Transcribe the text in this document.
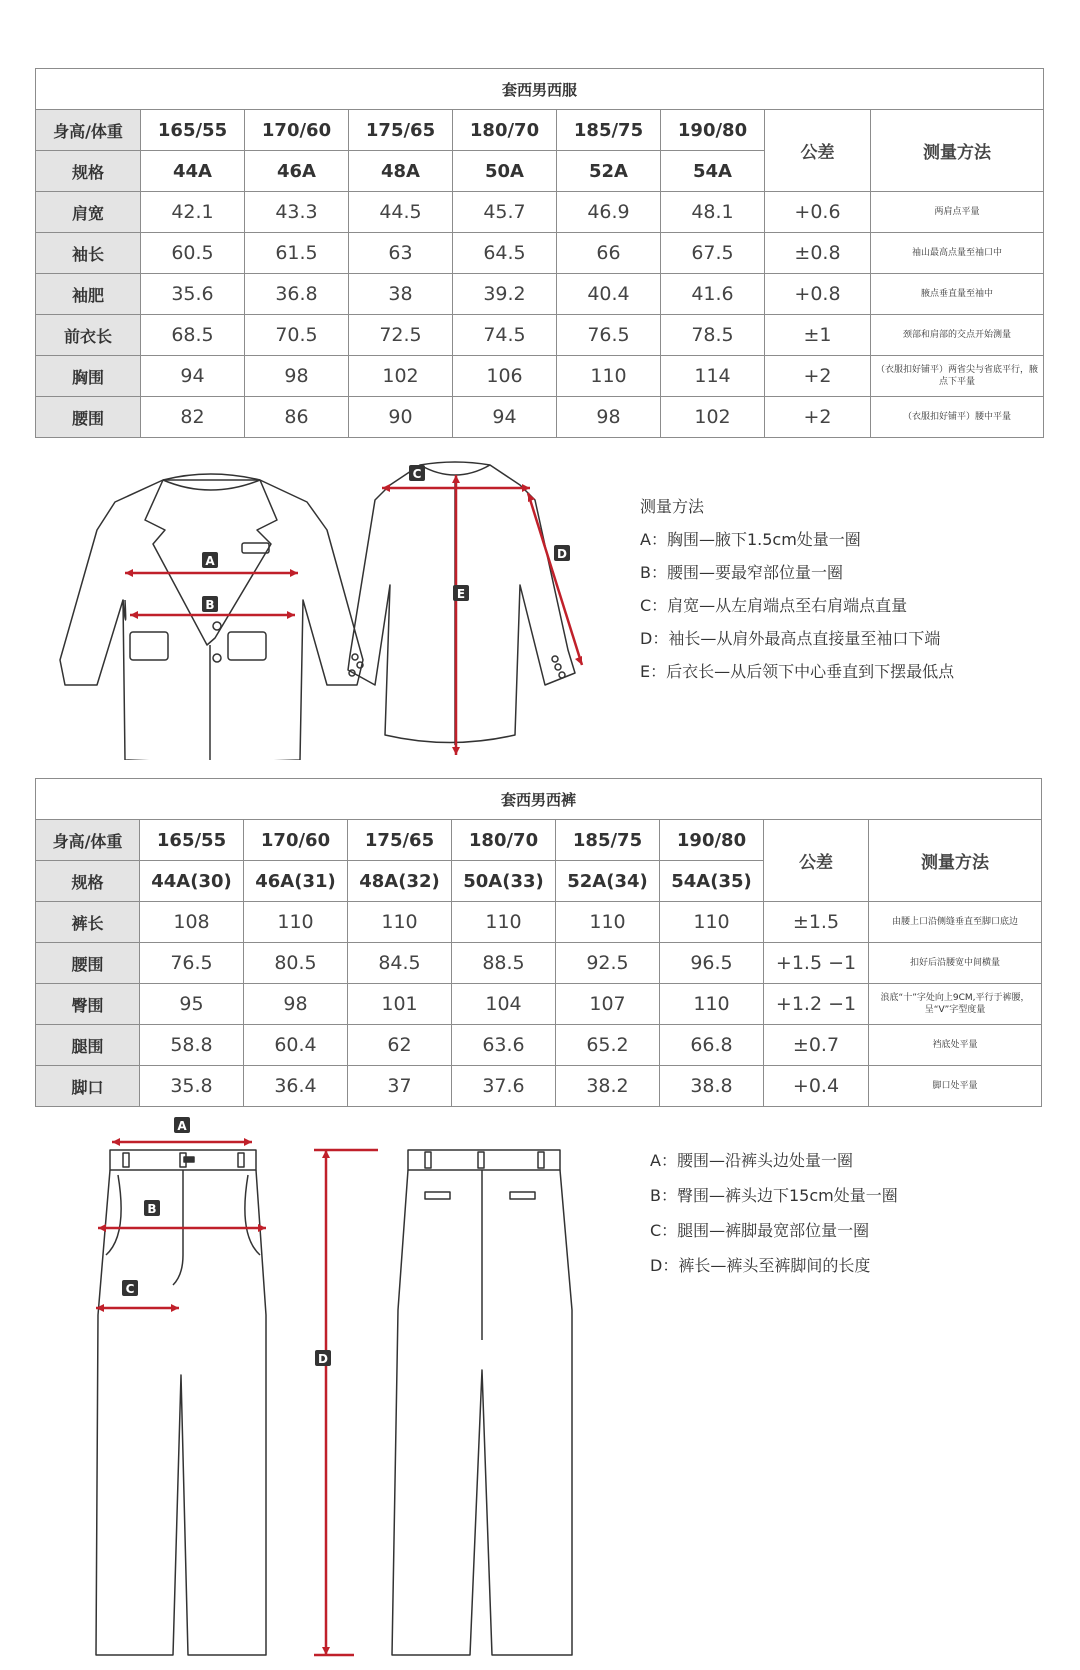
套西男西服								
身高/体重	165/55	170/60	175/65	180/70	185/75	190/80	公差	测量方法
规格	44A	46A	48A	50A	52A	54A		
肩宽	42.1	43.3	44.5	45.7	46.9	48.1	+0.6	两肩点平量
袖长	60.5	61.5	63	64.5	66	67.5	±0.8	袖山最高点量至袖口中
袖肥	35.6	36.8	38	39.2	40.4	41.6	+0.8	腋点垂直量至袖中
前衣长	68.5	70.5	72.5	74.5	76.5	78.5	±1	颈部和肩部的交点开始测量
胸围	94	98	102	106	110	114	+2	（衣服扣好铺平）两省尖与省底平行，腋点下平量
腰围	82	86	90	94	98	102	+2	（衣服扣好铺平）腰中平量
A
B
C
E
D
测量方法
A：胸围—腋下1.5cm处量一圈
B：腰围—要最窄部位量一圈
C：肩宽—从左肩端点至右肩端点直量
D：袖长—从肩外最高点直接量至袖口下端
E：后衣长—从后领下中心垂直到下摆最低点
套西男西裤								
身高/体重	165/55	170/60	175/65	180/70	185/75	190/80	公差	测量方法
规格	44A(30)	46A(31)	48A(32)	50A(33)	52A(34)	54A(35)		
裤长	108	110	110	110	110	110	±1.5	由腰上口沿侧缝垂直至脚口底边
腰围	76.5	80.5	84.5	88.5	92.5	96.5	+1.5 −1	扣好后沿腰宽中间横量
臀围	95	98	101	104	107	110	+1.2 −1	浪底“十”字处向上9CM,平行于裤腰，呈“V”字型度量
腿围	58.8	60.4	62	63.6	65.2	66.8	±0.7	裆底处平量
脚口	35.8	36.4	37	37.6	38.2	38.8	+0.4	脚口处平量
A
B
C
D
A：腰围—沿裤头边处量一圈
B：臀围—裤头边下15cm处量一圈
C：腿围—裤脚最宽部位量一圈
D：裤长—裤头至裤脚间的长度
